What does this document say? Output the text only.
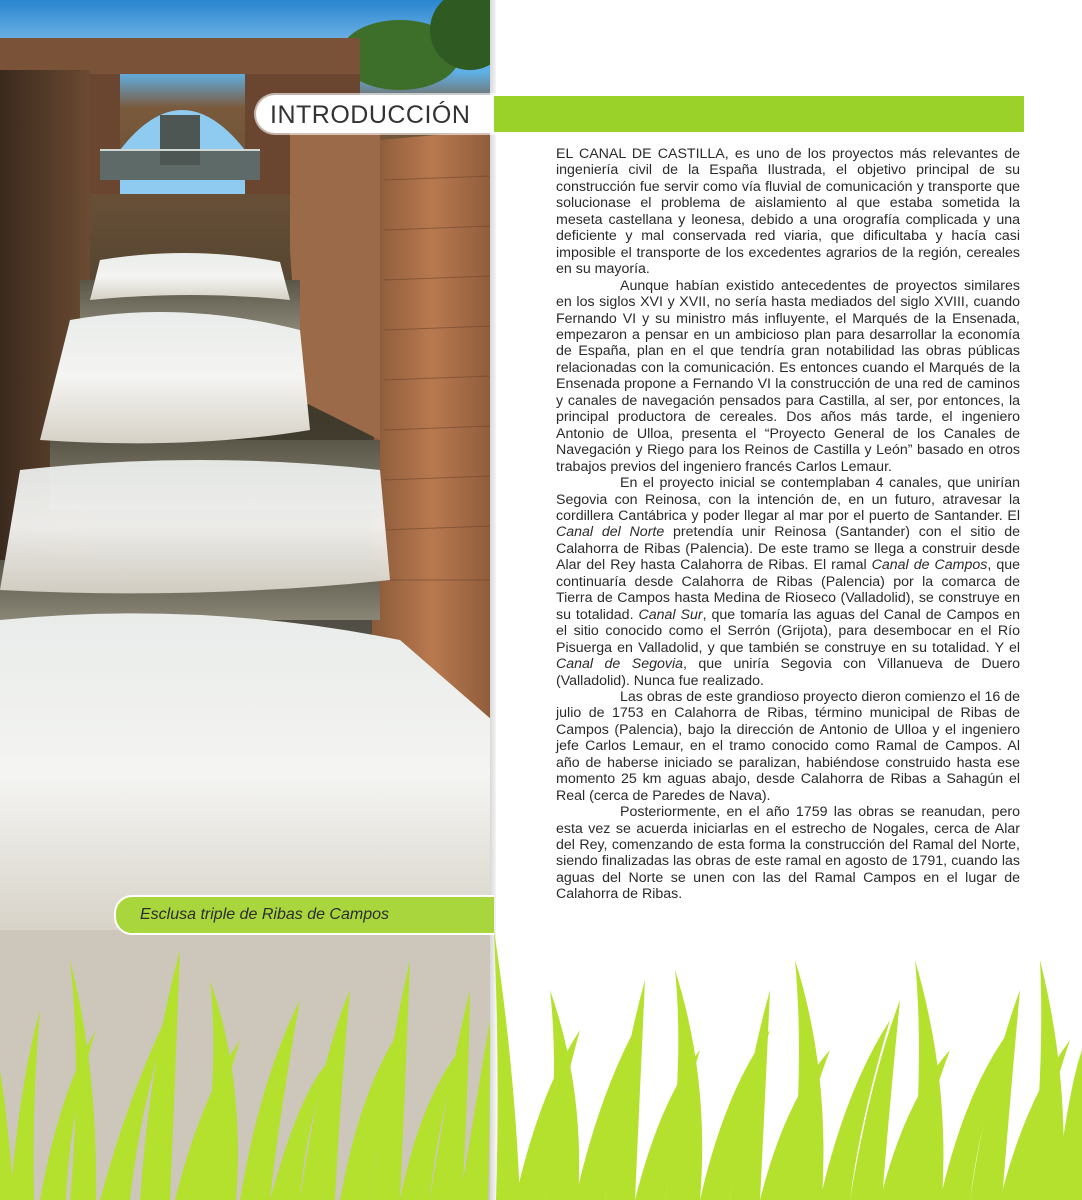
INTRODUCCIÓN
Esclusa triple de Ribas de Campos

EL CANAL DE CASTILLA, es uno de los proyectos más relevantes de ingeniería civil de la España Ilustrada, el objetivo principal de su construcción fue servir como vía fluvial de comunicación y transporte que solucionase el problema de aislamiento al que estaba sometida la meseta castellana y leonesa, debido a una orografía complicada y una deficiente y mal conservada red viaria, que dificultaba y hacía casi imposible el transporte de los excedentes agrarios de la región, cereales en su mayoría.

Aunque habían existido antecedentes de proyectos similares en los siglos XVI y XVII, no sería hasta mediados del siglo XVIII, cuando Fernando VI y su ministro más influyente, el Marqués de la Ensenada, empezaron a pensar en un ambicioso plan para desarrollar la economía de España, plan en el que tendría gran notabilidad las obras públicas relacionadas con la comunicación. Es entonces cuando el Marqués de la Ensenada propone a Fernando VI la construcción de una red de caminos y canales de navegación pensados para Castilla, al ser, por entonces, la principal productora de cereales. Dos años más tarde, el ingeniero Antonio de Ulloa, presenta el “Proyecto General de los Canales de Navegación y Riego para los Reinos de Castilla y León” basado en otros trabajos previos del ingeniero francés Carlos Lemaur.

En el proyecto inicial se contemplaban 4 canales, que unirían Segovia con Reinosa, con la intención de, en un futuro, atravesar la cordillera Cantábrica y poder llegar al mar por el puerto de Santander. El Canal del Norte pretendía unir Reinosa (Santander) con el sitio de Calahorra de Ribas (Palencia). De este tramo se llega a construir desde Alar del Rey hasta Calahorra de Ribas. El ramal Canal de Campos, que continuaría desde Calahorra de Ribas (Palencia) por la comarca de Tierra de Campos hasta Medina de Rioseco (Valladolid), se construye en su totalidad. Canal Sur, que tomaría las aguas del Canal de Campos en el sitio conocido como el Serrón (Grijota), para desembocar en el Río Pisuerga en Valladolid, y que también se construye en su totalidad. Y el Canal de Segovia, que uniría Segovia con Villanueva de Duero (Valladolid). Nunca fue realizado.

Las obras de este grandioso proyecto dieron comienzo el 16 de julio de 1753 en Calahorra de Ribas, término municipal de Ribas de Campos (Palencia), bajo la dirección de Antonio de Ulloa y el ingeniero jefe Carlos Lemaur, en el tramo conocido como Ramal de Campos. Al año de haberse iniciado se paralizan, habiéndose construido hasta ese momento 25 km aguas abajo, desde Calahorra de Ribas a Sahagún el Real (cerca de Paredes de Nava).

Posteriormente, en el año 1759 las obras se reanudan, pero esta vez se acuerda iniciarlas en el estrecho de Nogales, cerca de Alar del Rey, comenzando de esta forma la construcción del Ramal del Norte, siendo finalizadas las obras de este ramal en agosto de 1791, cuando las aguas del Norte se unen con las del Ramal Campos en el lugar de Calahorra de Ribas.
